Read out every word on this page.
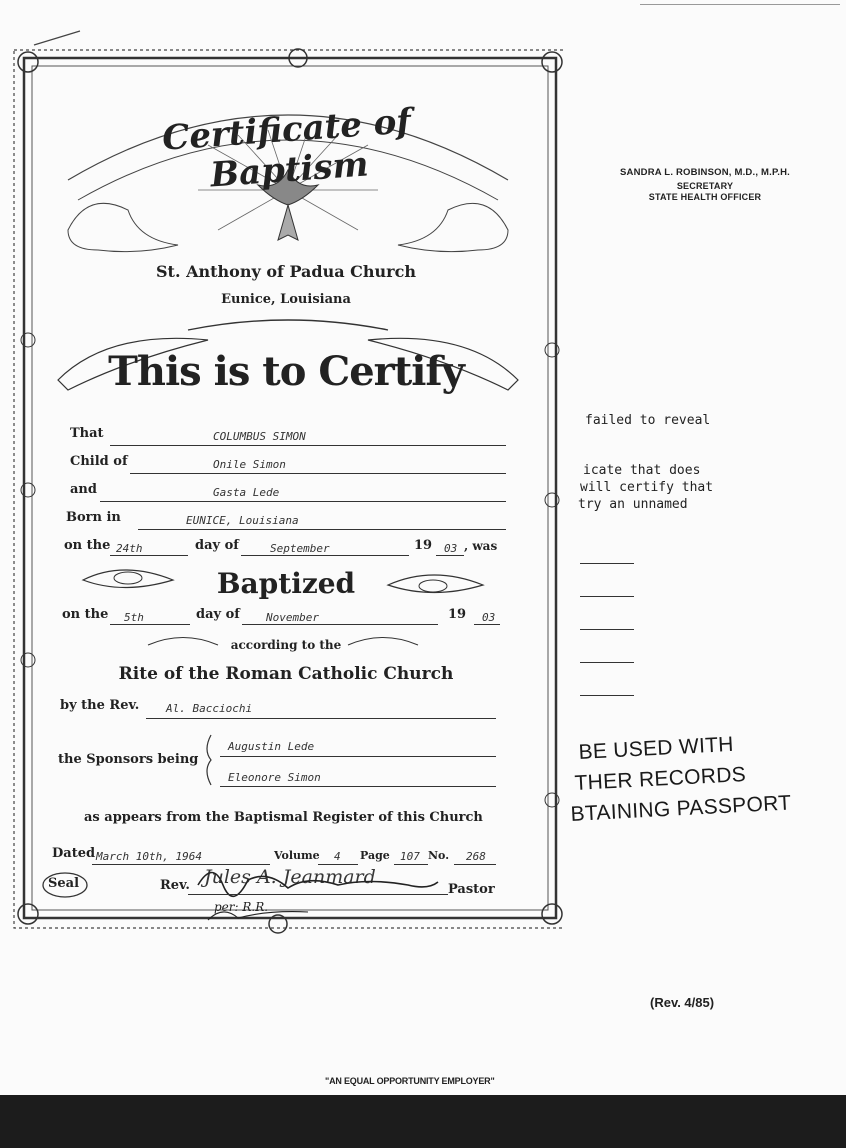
SANDRA L. ROBINSON, M.D., M.P.H.
SECRETARY
STATE HEALTH OFFICER
failed to reveal
icate that does
will certify that
try an unnamed
BE USED WITH
THER RECORDS
BTAINING PASSPORT
(Rev. 4/85)
"AN EQUAL OPPORTUNITY EMPLOYER"
Certificate of Baptism
St. Anthony of Padua Church
Eunice, Louisiana
This is to Certify
That	COLUMBUS SIMON
Child of	Onile Simon
and	Gasta Lede
Born in	EUNICE, Louisiana
on the 24th	day of	September	19 03 , was
Baptized
on the 5th	day of November	19 03
according to the
Rite of the Roman Catholic Church
by the Rev. Al. Bacciochi
the Sponsors being
Augustin Lede
Eleonore Simon
as appears from the Baptismal Register of this Church
Dated March 10th, 1964	Volume 4 Page 107 No. 268
Seal	Rev. Jules A. Jeanmard
per: R.R.
Pastor
